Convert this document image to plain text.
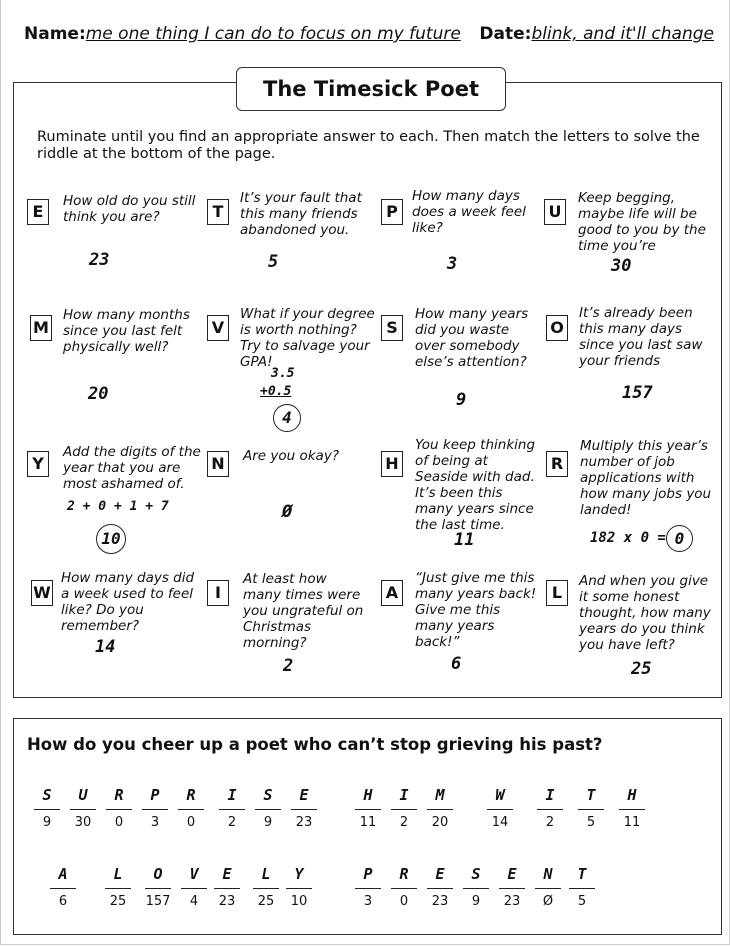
Name:me one thing I can do to focus on my future Date:blink, and it'll change
The Timesick Poet
Ruminate until you find an appropriate answer to each. Then match the letters to solve the riddle at the bottom of the page.
E
How old do you still think you are?
23
T
It’s your fault that this many friends abandoned you.
5
P
How many days does a week feel like?
3
U
Keep begging, maybe life will be good to you by the time you’re
30
M
How many months since you last felt physically well?
20
V
What if your degree is worth nothing? Try to salvage your GPA!
3.5
+0.5
4
S
How many years did you waste over somebody else’s attention?
9
O
It’s already been this many days since you last saw your friends
157
Y
Add the digits of the year that you are most ashamed of.
2 + 0 + 1 + 7
10
N	Are you okay?
Ø
H
You keep thinking of being at Seaside with dad. It’s been this many years since the last time.
11
R
Multiply this year’s number of job applications with how many jobs you landed!
182 x 0 = 0
W
How many days did a week used to feel like? Do you remember?
14
I
At least how many times were you ungrateful on Christmas morning?
2
A
“Just give me this many years back! Give me this many years back!”
6
L
And when you give it some honest thought, how many years do you think you have left?
25
How do you cheer up a poet who can’t stop grieving his past?
S
9
U
30
R
0
P
3
R
0
I
2
S
9
E
23
H
11
I
2
M
20
W
14
I
2
T
5
H
11
A
6
L
25
O
157
V
4
E
23
L
25
Y
10
P
3
R
0
E
23
S
9
E
23
N
Ø
T
5
